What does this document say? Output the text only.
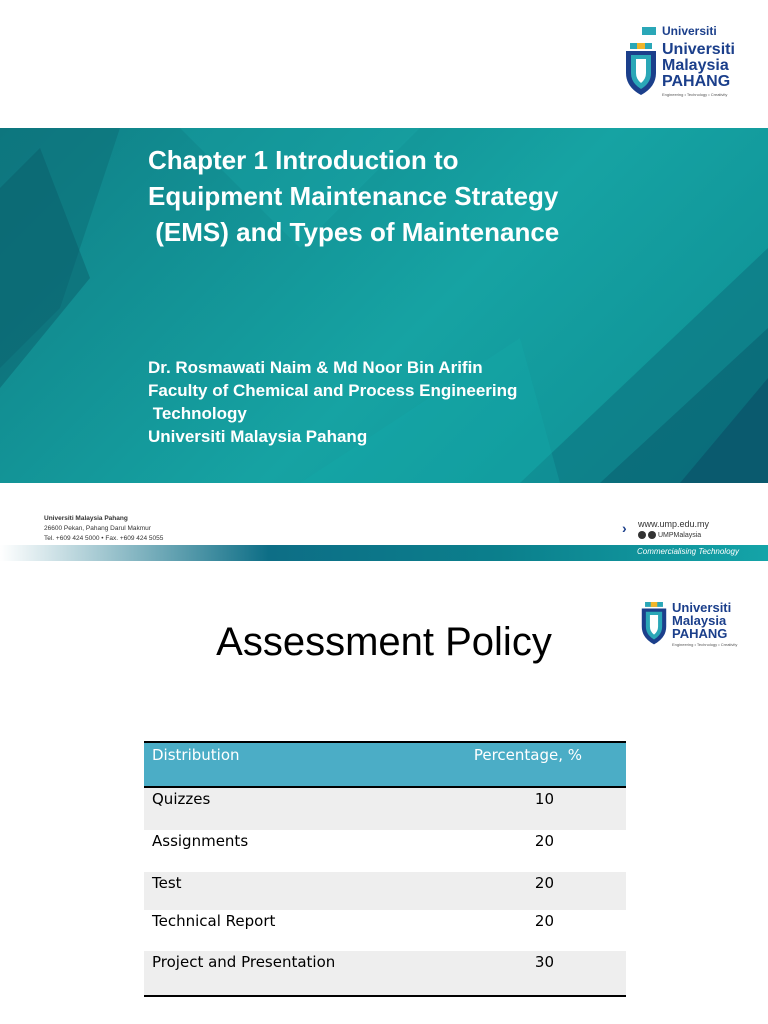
Universiti
Universiti
Malaysia
PAHANG
Engineering • Technology • Creativity
Chapter 1 Introduction to
Equipment Maintenance Strategy
(EMS) and Types of Maintenance
Dr. Rosmawati Naim & Md Noor Bin Arifin
Faculty of Chemical and Process Engineering
Technology
Universiti Malaysia Pahang
Universiti Malaysia Pahang
26600 Pekan, Pahang Darul Makmur
Tel. +609 424 5000 • Fax. +609 424 5055
› www.ump.edu.my
UMPMalaysia
Commercialising Technology
Universiti
Malaysia
PAHANG
Engineering • Technology • Creativity
Assessment Policy
Distribution	Percentage, %
Quizzes	10
Assignments	20
Test	20
Technical Report	20
Project and Presentation	30
